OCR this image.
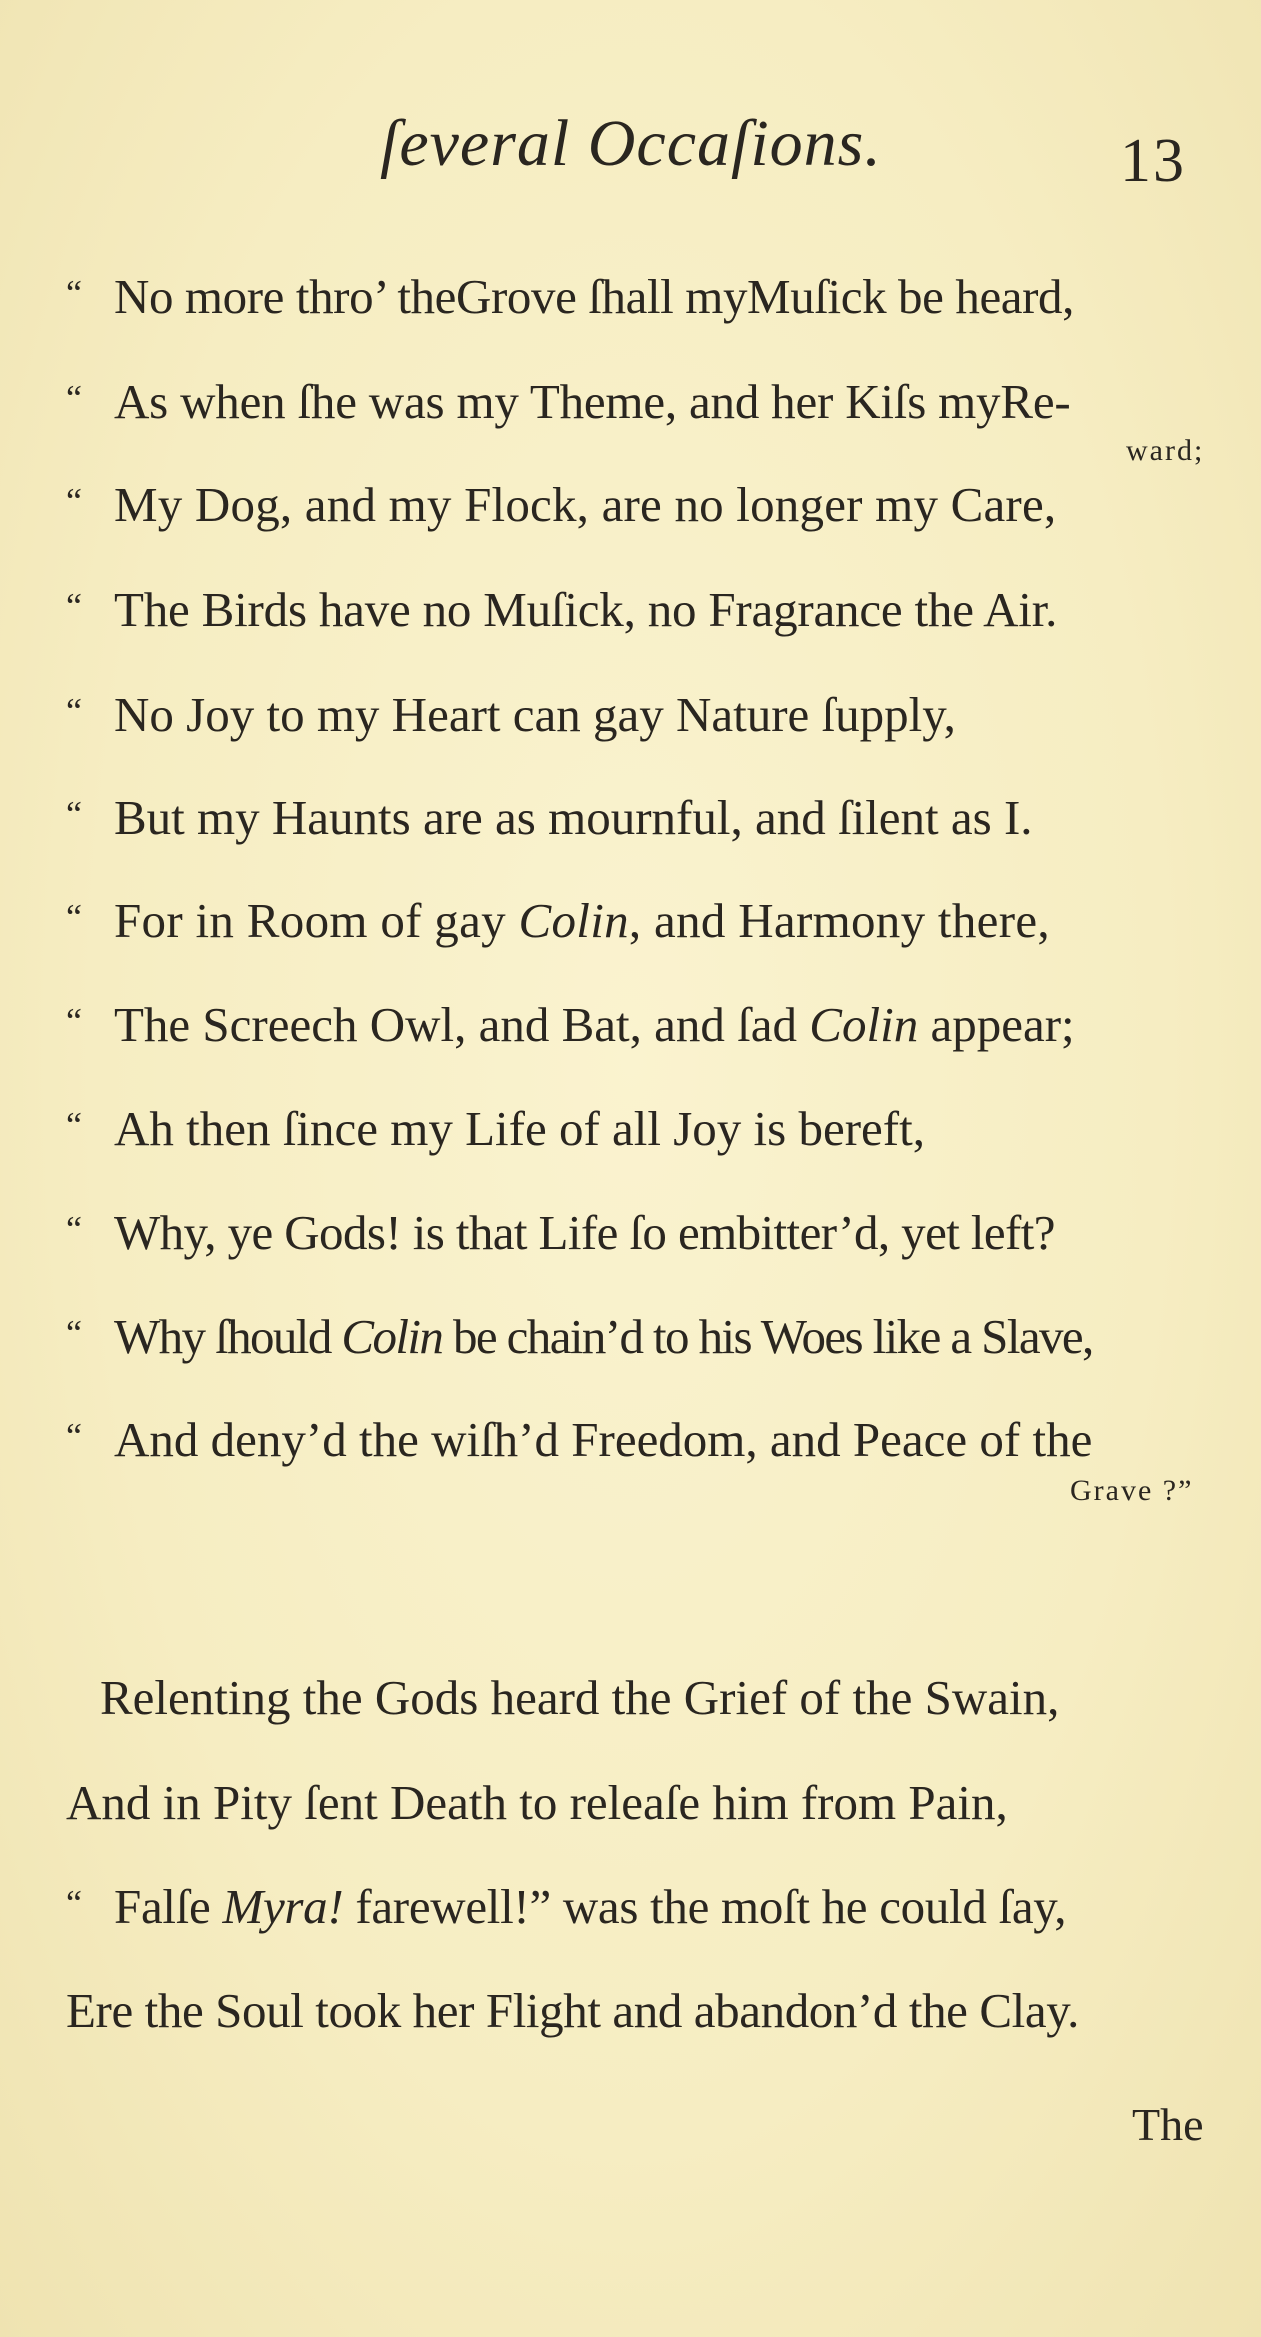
ſeveral Occaſions.	13
“ No more thro’ theGrove ſhall myMuſick be heard,
“ As when ſhe was my Theme, and her Kiſs myRe-
ward;
“ My Dog, and my Flock, are no longer my Care,
“ The Birds have no Muſick, no Fragrance the Air.
“ No Joy to my Heart can gay Nature ſupply,
“ But my Haunts are as mournful, and ſilent as I.
“ For in Room of gay Colin, and Harmony there,
“ The Screech Owl, and Bat, and ſad Colin appear;
“ Ah then ſince my Life of all Joy is bereft,
“ Why, ye Gods! is that Life ſo embitter’d, yet left?
“ Why ſhould Colin be chain’d to his Woes like a Slave,
“ And deny’d the wiſh’d Freedom, and Peace of the
Grave ?”
Relenting the Gods heard the Grief of the Swain,
And in Pity ſent Death to releaſe him from Pain,
“ Falſe Myra! farewell!” was the moſt he could ſay,
Ere the Soul took her Flight and abandon’d the Clay.
The
